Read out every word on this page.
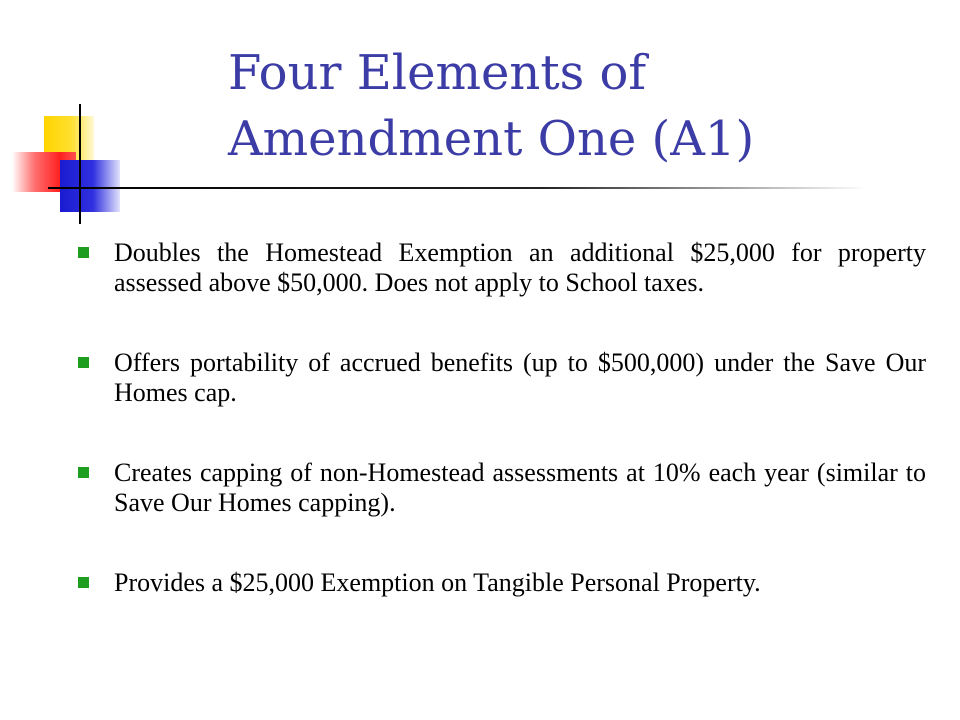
Four Elements of
Amendment One (A1)
Doubles the Homestead Exemption an additional $25,000 for property assessed above $50,000. Does not apply to School taxes.
Offers portability of accrued benefits (up to $500,000) under the Save Our Homes cap.
Creates capping of non-Homestead assessments at 10% each year (similar to Save Our Homes capping).
Provides a $25,000 Exemption on Tangible Personal Property.
